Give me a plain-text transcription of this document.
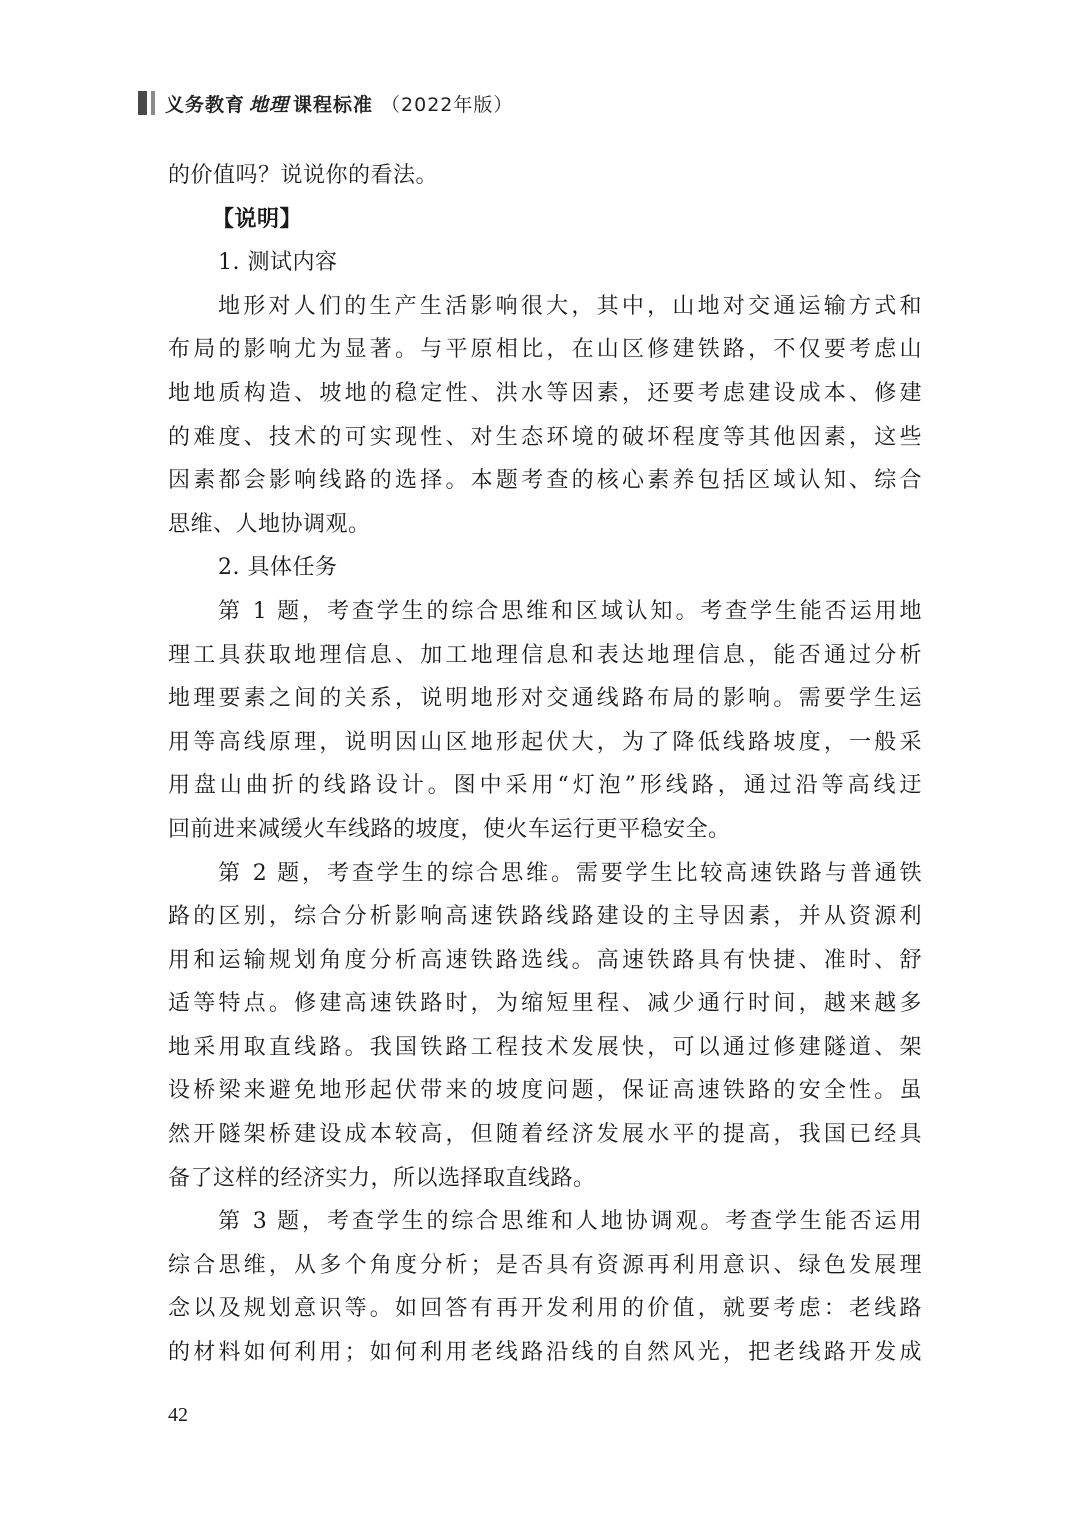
义务教育 地理 课程标准 （2022年版）
的价值吗？说说你的看法。
【说明】
1. 测试内容
地形对人们的生产生活影响很大，其中，山地对交通运输方式和
布局的影响尤为显著。与平原相比，在山区修建铁路，不仅要考虑山
地地质构造、坡地的稳定性、洪水等因素，还要考虑建设成本、修建
的难度、技术的可实现性、对生态环境的破坏程度等其他因素，这些
因素都会影响线路的选择。本题考查的核心素养包括区域认知、综合
思维、人地协调观。
2. 具体任务
第 1 题，考查学生的综合思维和区域认知。考查学生能否运用地
理工具获取地理信息、加工地理信息和表达地理信息，能否通过分析
地理要素之间的关系，说明地形对交通线路布局的影响。需要学生运
用等高线原理，说明因山区地形起伏大，为了降低线路坡度，一般采
用盘山曲折的线路设计。图中采用“灯泡”形线路，通过沿等高线迂
回前进来减缓火车线路的坡度，使火车运行更平稳安全。
第 2 题，考查学生的综合思维。需要学生比较高速铁路与普通铁
路的区别，综合分析影响高速铁路线路建设的主导因素，并从资源利
用和运输规划角度分析高速铁路选线。高速铁路具有快捷、准时、舒
适等特点。修建高速铁路时，为缩短里程、减少通行时间，越来越多
地采用取直线路。我国铁路工程技术发展快，可以通过修建隧道、架
设桥梁来避免地形起伏带来的坡度问题，保证高速铁路的安全性。虽
然开隧架桥建设成本较高，但随着经济发展水平的提高，我国已经具
备了这样的经济实力，所以选择取直线路。
第 3 题，考查学生的综合思维和人地协调观。考查学生能否运用
综合思维，从多个角度分析；是否具有资源再利用意识、绿色发展理
念以及规划意识等。如回答有再开发利用的价值，就要考虑：老线路
的材料如何利用；如何利用老线路沿线的自然风光，把老线路开发成
42
